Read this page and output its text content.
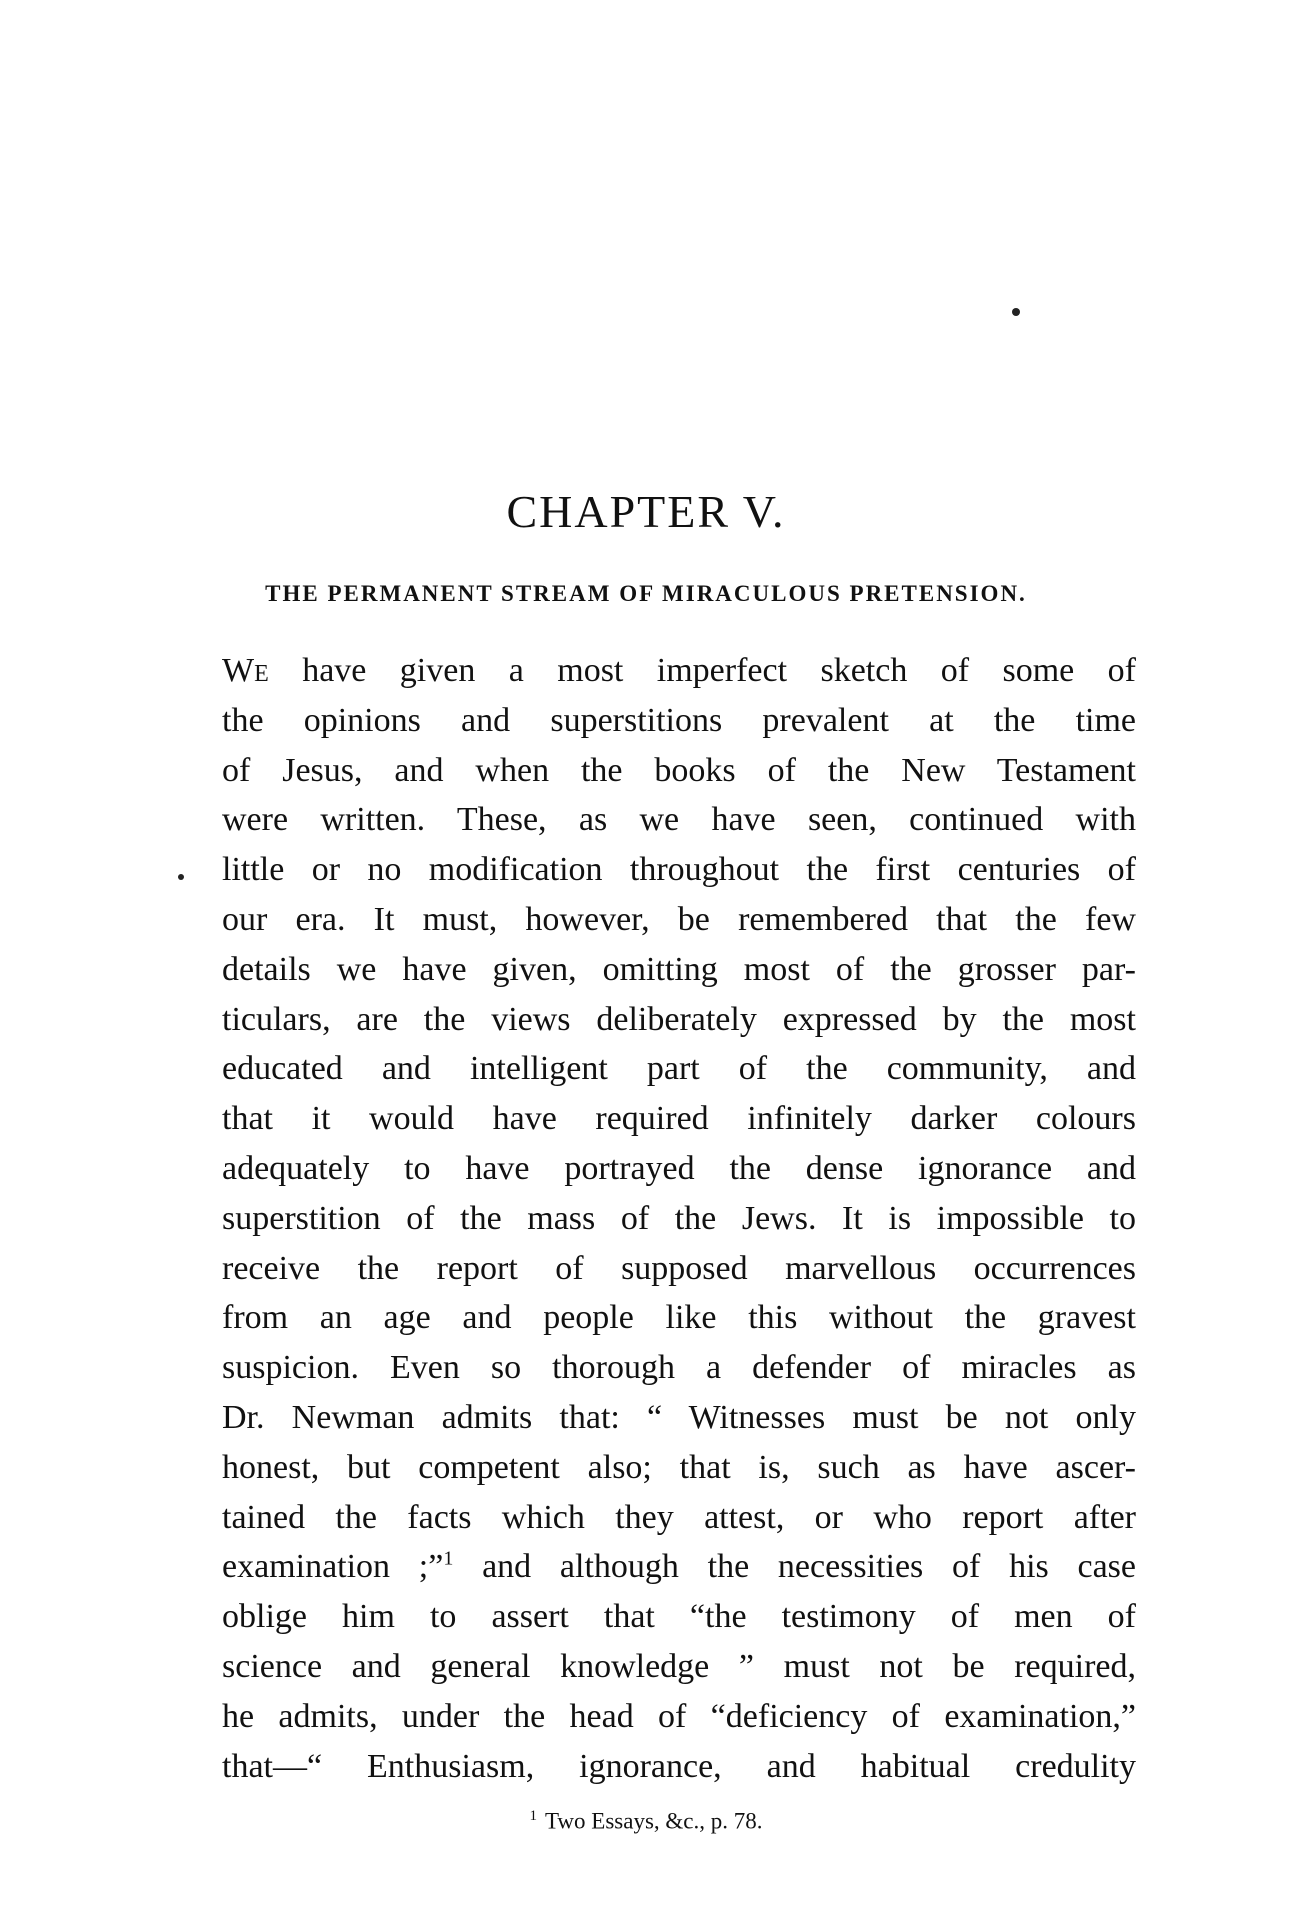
CHAPTER V.
THE PERMANENT STREAM OF MIRACULOUS PRETENSION.
We have given a most imperfect sketch of some of
the opinions and superstitions prevalent at the time
of Jesus, and when the books of the New Testament
were written. These, as we have seen, continued with
little or no modification throughout the first centuries of
our era. It must, however, be remembered that the few
details we have given, omitting most of the grosser par-
ticulars, are the views deliberately expressed by the most
educated and intelligent part of the community, and
that it would have required infinitely darker colours
adequately to have portrayed the dense ignorance and
superstition of the mass of the Jews. It is impossible to
receive the report of supposed marvellous occurrences
from an age and people like this without the gravest
suspicion. Even so thorough a defender of miracles as
Dr. Newman admits that: “ Witnesses must be not only
honest, but competent also; that is, such as have ascer-
tained the facts which they attest, or who report after
examination ;”$^1$ and although the necessities of his case
oblige him to assert that “the testimony of men of
science and general knowledge ” must not be required,
he admits, under the head of “deficiency of examination,”
that—“ Enthusiasm, ignorance, and habitual credulity
$^1$ Two Essays, &c., p. 78.
